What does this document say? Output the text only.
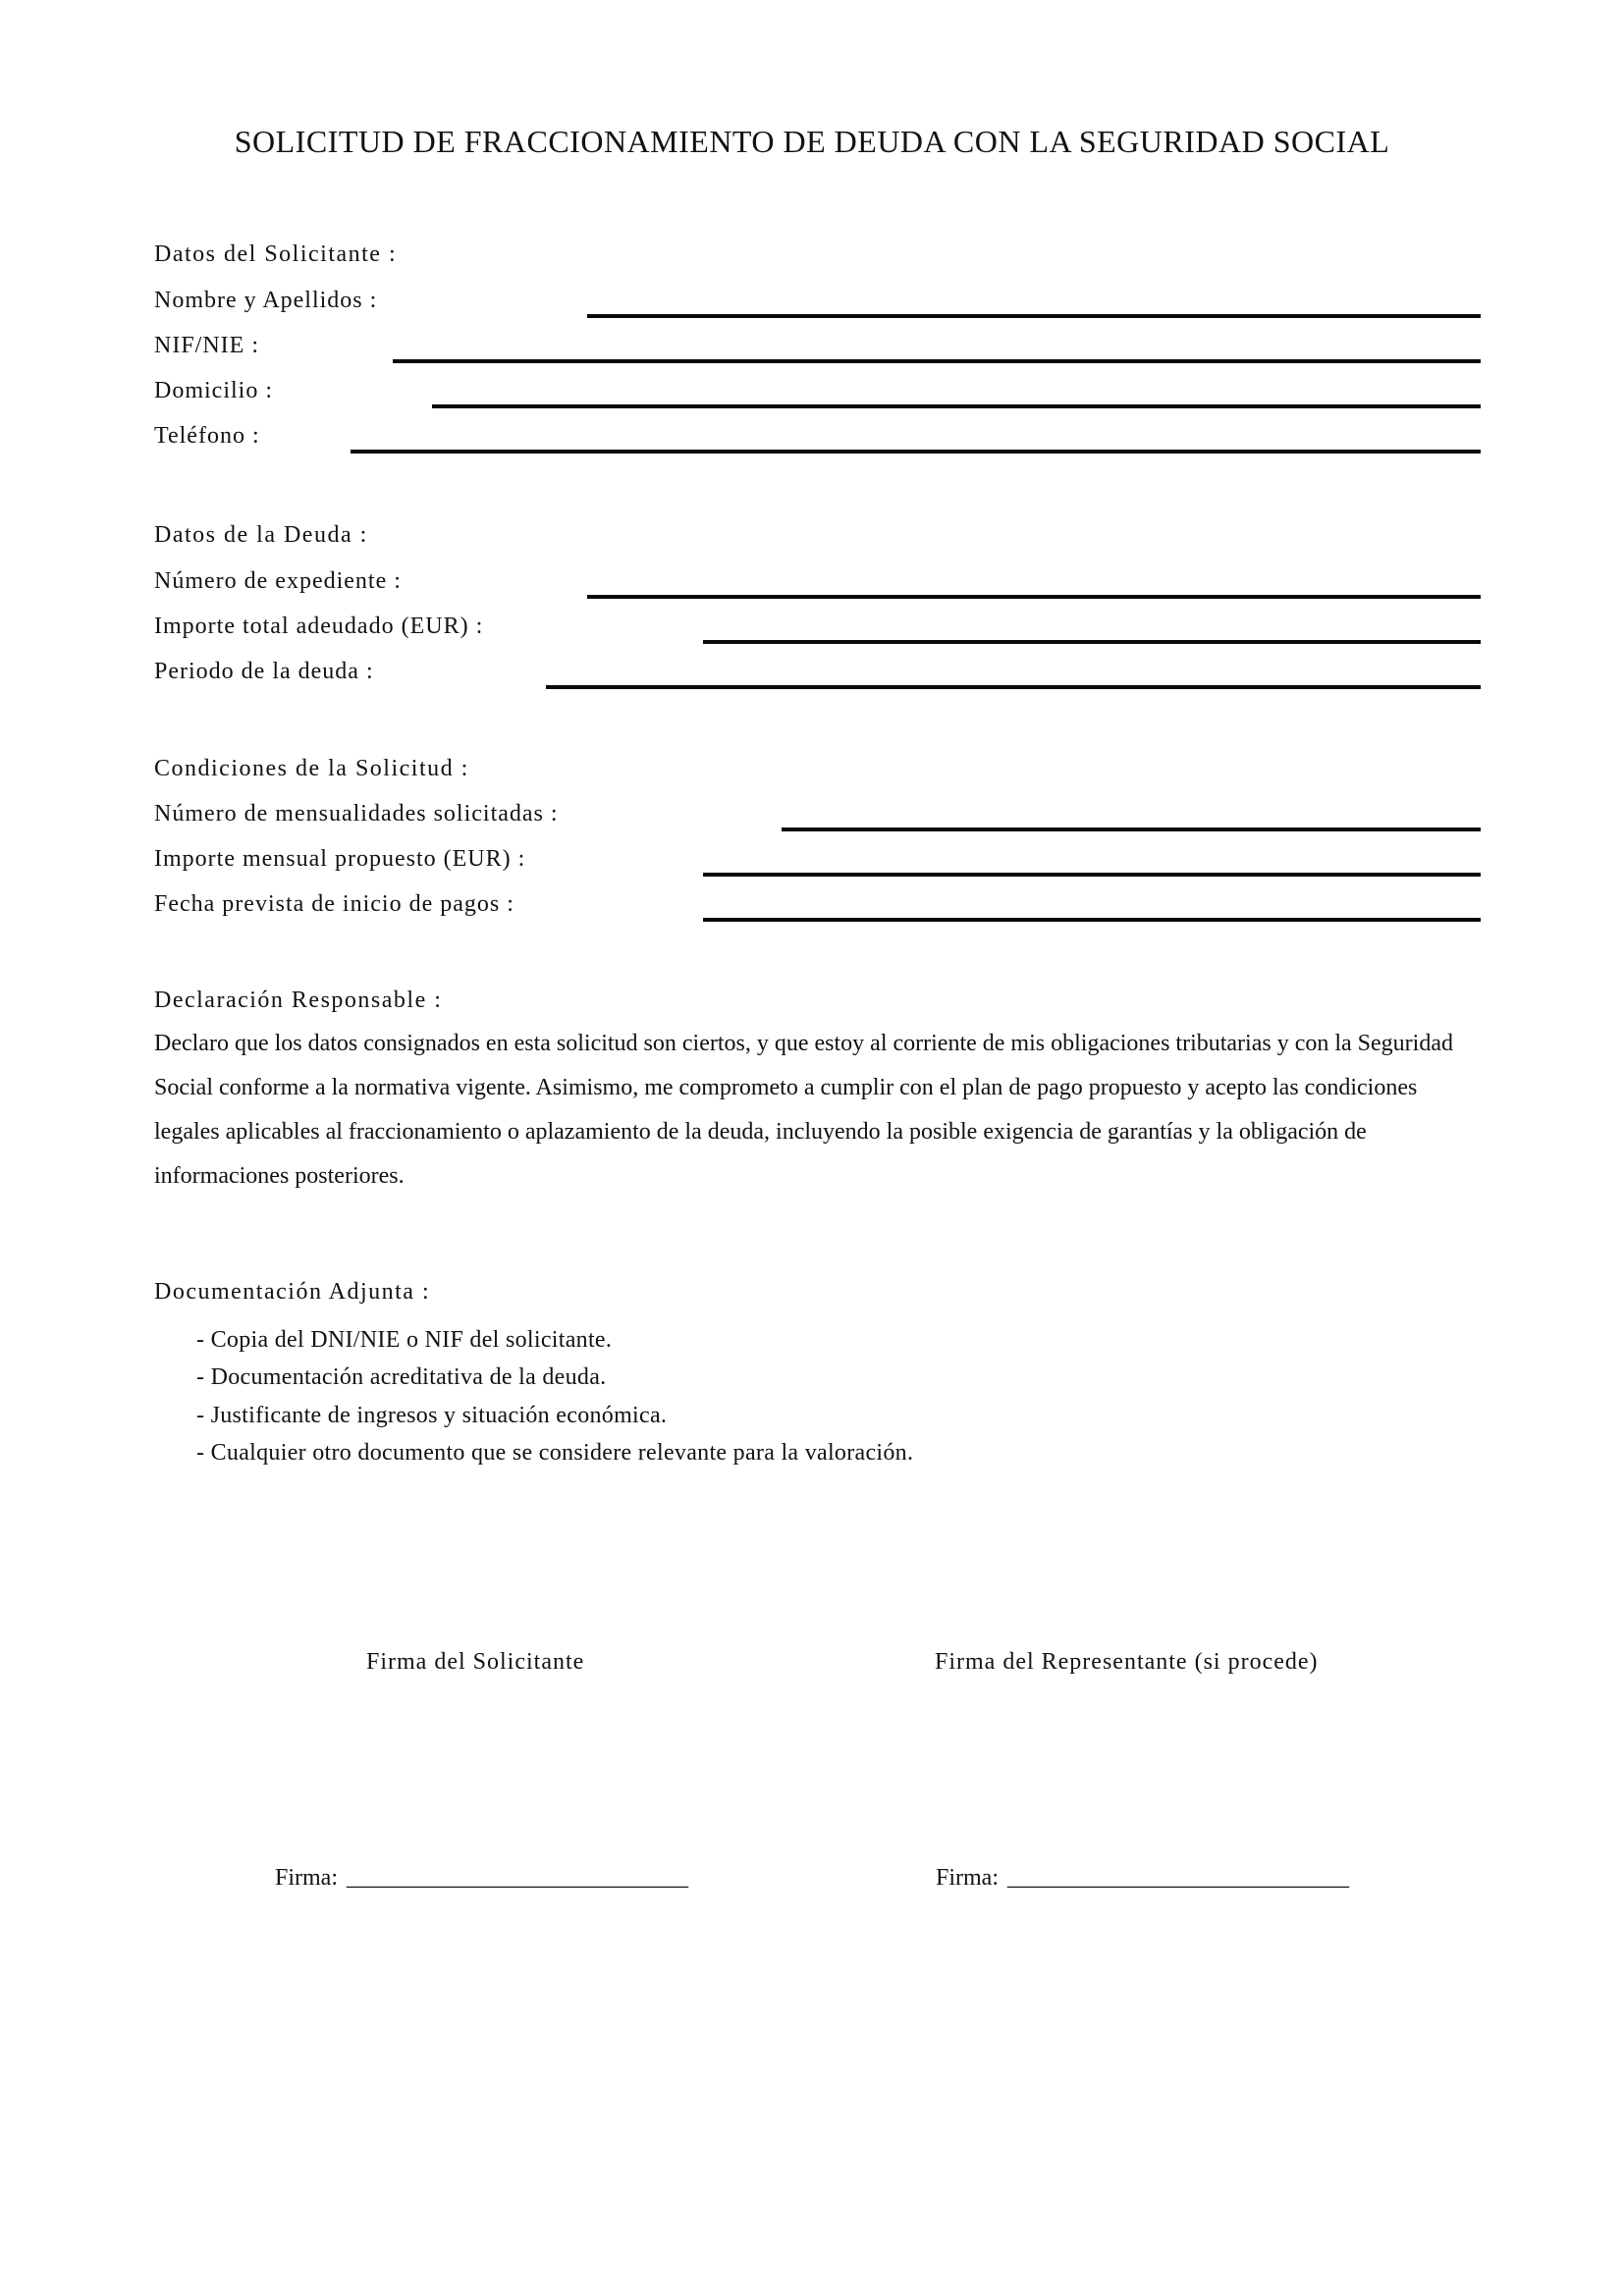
SOLICITUD DE FRACCIONAMIENTO DE DEUDA CON LA SEGURIDAD SOCIAL
Datos del Solicitante :
Nombre y Apellidos :
NIF/NIE :
Domicilio :
Teléfono :
Datos de la Deuda :
Número de expediente :
Importe total adeudado (EUR) :
Periodo de la deuda :
Condiciones de la Solicitud :
Número de mensualidades solicitadas :
Importe mensual propuesto (EUR) :
Fecha prevista de inicio de pagos :
Declaración Responsable :
Declaro que los datos consignados en esta solicitud son ciertos, y que estoy al corriente de mis obligaciones tributarias y con la Seguridad Social conforme a la normativa vigente. Asimismo, me comprometo a cumplir con el plan de pago propuesto y acepto las condiciones legales aplicables al fraccionamiento o aplazamiento de la deuda, incluyendo la posible exigencia de garantías y la obligación de informaciones posteriores.
Documentación Adjunta :
- Copia del DNI/NIE o NIF del solicitante.
- Documentación acreditativa de la deuda.
- Justificante de ingresos y situación económica.
- Cualquier otro documento que se considere relevante para la valoración.
Firma del Solicitante	Firma del Representante (si procede)
Firma: _____________________________	Firma: _____________________________
